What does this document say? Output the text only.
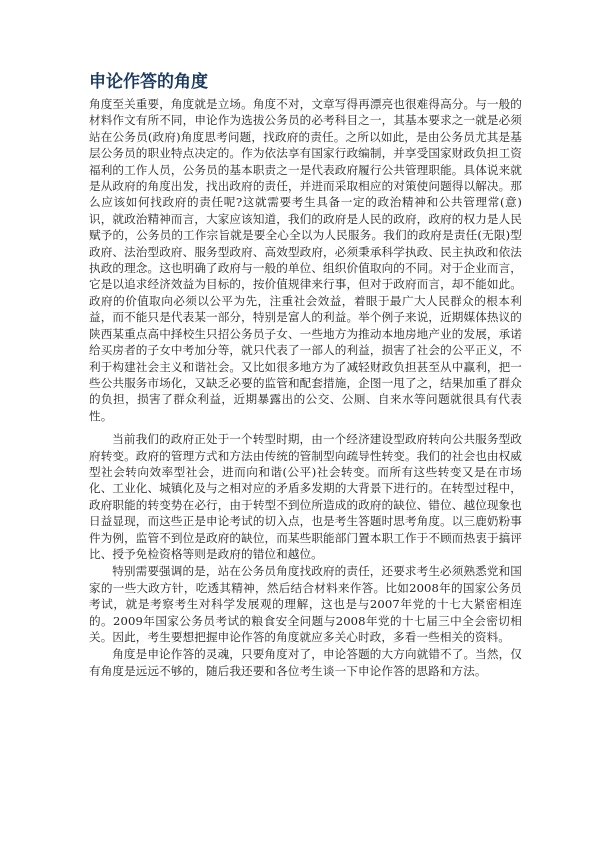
申论作答的角度

角度至关重要，角度就是立场。角度不对，文章写得再漂亮也很难得高分。与一般的材料作文有所不同，申论作为选拔公务员的必考科目之一，其基本要求之一就是必须站在公务员(政府)角度思考问题，找政府的责任。之所以如此，是由公务员尤其是基层公务员的职业特点决定的。作为依法享有国家行政编制，并享受国家财政负担工资福利的工作人员，公务员的基本职责之一是代表政府履行公共管理职能。具体说来就是从政府的角度出发，找出政府的责任，并进而采取相应的对策使问题得以解决。那么应该如何找政府的责任呢?这就需要考生具备一定的政治精神和公共管理常(意)识，就政治精神而言，大家应该知道，我们的政府是人民的政府，政府的权力是人民赋予的，公务员的工作宗旨就是要全心全以为人民服务。我们的政府是责任(无限)型政府、法治型政府、服务型政府、高效型政府，必须秉承科学执政、民主执政和依法执政的理念。这也明确了政府与一般的单位、组织价值取向的不同。对于企业而言，它是以追求经济效益为目标的，按价值规律来行事，但对于政府而言，却不能如此。政府的价值取向必须以公平为先，注重社会效益，着眼于最广大人民群众的根本利益，而不能只是代表某一部分，特别是富人的利益。举个例子来说，近期媒体热议的陕西某重点高中择校生只招公务员子女、一些地方为推动本地房地产业的发展，承诺给买房者的子女中考加分等，就只代表了一部人的利益，损害了社会的公平正义，不利于构建社会主义和谐社会。又比如很多地方为了减轻财政负担甚至从中赢利，把一些公共服务市场化，又缺乏必要的监管和配套措施，企图一甩了之，结果加重了群众的负担，损害了群众利益，近期暴露出的公交、公厕、自来水等问题就很具有代表性。

当前我们的政府正处于一个转型时期，由一个经济建设型政府转向公共服务型政府转变。政府的管理方式和方法由传统的管制型向疏导性转变。我们的社会也由权威型社会转向效率型社会，进而向和谐(公平)社会转变。而所有这些转变又是在市场化、工业化、城镇化及与之相对应的矛盾多发期的大背景下进行的。在转型过程中，政府职能的转变势在必行，由于转型不到位所造成的政府的缺位、错位、越位现象也日益显现，而这些正是申论考试的切入点，也是考生答题时思考角度。以三鹿奶粉事件为例，监管不到位是政府的缺位，而某些职能部门置本职工作于不顾而热衷于搞评比、授予免检资格等则是政府的错位和越位。

特别需要强调的是，站在公务员角度找政府的责任，还要求考生必须熟悉党和国家的一些大政方针，吃透其精神，然后结合材料来作答。比如2008年的国家公务员考试，就是考察考生对科学发展观的理解，这也是与2007年党的十七大紧密相连的。2009年国家公务员考试的粮食安全问题与2008年党的十七届三中全会密切相关。因此，考生要想把握申论作答的角度就应多关心时政，多看一些相关的资料。

角度是申论作答的灵魂，只要角度对了，申论答题的大方向就错不了。当然，仅有角度是远远不够的，随后我还要和各位考生谈一下申论作答的思路和方法。
